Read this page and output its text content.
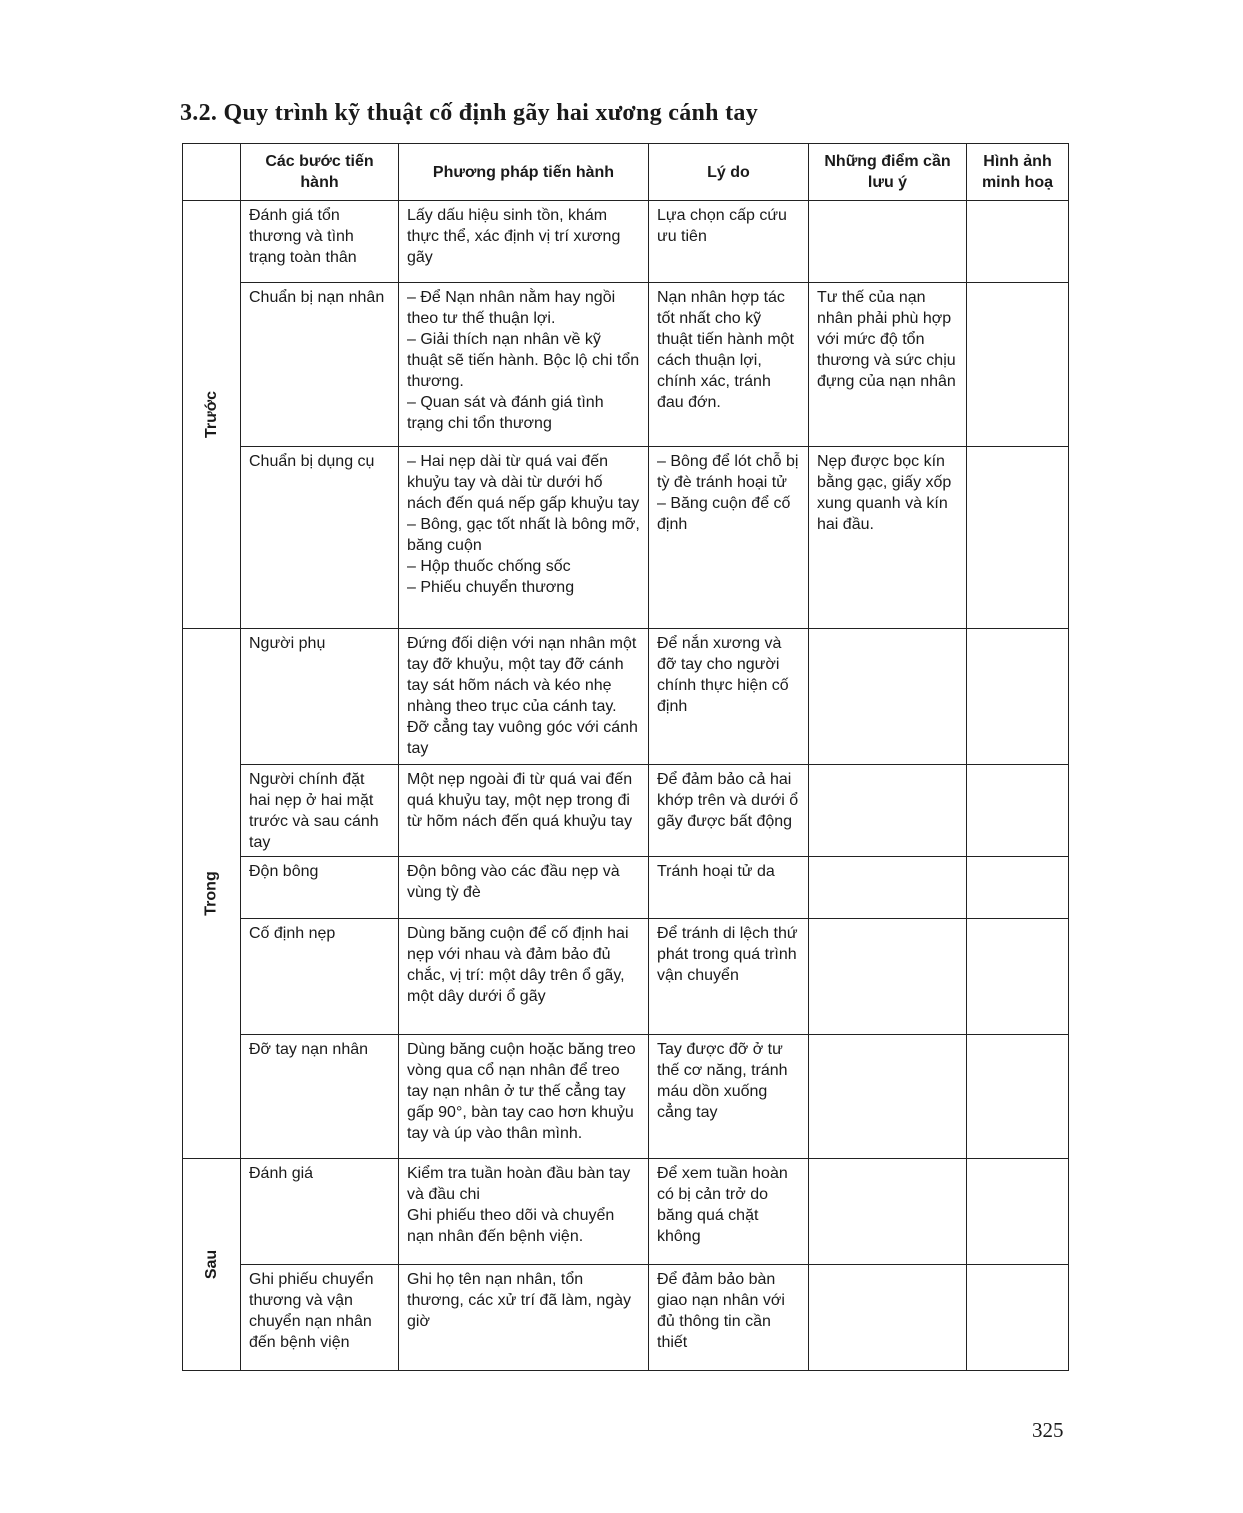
3.2. Quy trình kỹ thuật cố định gãy hai xương cánh tay
	Các bước tiến hành	Phương pháp tiến hành	Lý do	Những điểm cần lưu ý	Hình ảnh minh hoạ
Trước	Đánh giá tổn thương và tình trạng toàn thân	Lấy dấu hiệu sinh tồn, khám thực thể, xác định vị trí xương gãy	Lựa chọn cấp cứu ưu tiên		

	Chuẩn bị nạn nhân	– Để Nạn nhân nằm hay ngồi theo tư thế thuận lợi.
– Giải thích nạn nhân về kỹ thuật sẽ tiến hành. Bộc lộ chi tổn thương.
– Quan sát và đánh giá tình trạng chi tổn thương	Nạn nhân hợp tác tốt nhất cho kỹ thuật tiến hành một cách thuận lợi, chính xác, tránh đau đớn.	Tư thế của nạn nhân phải phù hợp với mức độ tổn thương và sức chịu đựng của nạn nhân	

	Chuẩn bị dụng cụ	– Hai nẹp dài từ quá vai đến khuỷu tay và dài từ dưới hố nách đến quá nếp gấp khuỷu tay
– Bông, gạc tốt nhất là bông mỡ, băng cuộn
– Hộp thuốc chống sốc
– Phiếu chuyển thương	– Bông để lót chỗ bị tỳ đè tránh hoại tử
– Băng cuộn để cố định	Nẹp được bọc kín bằng gạc, giấy xốp xung quanh và kín hai đầu.	

Trong	Người phụ	Đứng đối diện với nạn nhân một tay đỡ khuỷu, một tay đỡ cánh tay sát hõm nách và kéo nhẹ nhàng theo trục của cánh tay. Đỡ cẳng tay vuông góc với cánh tay	Để nắn xương và đỡ tay cho người chính thực hiện cố định		

	Người chính đặt hai nẹp ở hai mặt trước và sau cánh tay	Một nẹp ngoài đi từ quá vai đến quá khuỷu tay, một nẹp trong đi từ hõm nách đến quá khuỷu tay	Để đảm bảo cả hai khớp trên và dưới ổ gãy được bất động		

	Độn bông	Độn bông vào các đầu nẹp và vùng tỳ đè	Tránh hoại tử da		

	Cố định nẹp	Dùng băng cuộn để cố định hai nẹp với nhau và đảm bảo đủ chắc, vị trí: một dây trên ổ gãy, một dây dưới ổ gãy	Để tránh di lệch thứ phát trong quá trình vận chuyển		

	Đỡ tay nạn nhân	Dùng băng cuộn hoặc băng treo vòng qua cổ nạn nhân để treo tay nạn nhân ở tư thế cẳng tay gấp 90°, bàn tay cao hơn khuỷu tay và úp vào thân mình.	Tay được đỡ ở tư thế cơ năng, tránh máu dồn xuống cẳng tay		

Sau	Đánh giá	Kiểm tra tuần hoàn đầu bàn tay và đầu chi
Ghi phiếu theo dõi và chuyển nạn nhân đến bệnh viện.	Để xem tuần hoàn có bị cản trở do băng quá chặt không		

	Ghi phiếu chuyển thương và vận chuyển nạn nhân đến bệnh viện	Ghi họ tên nạn nhân, tổn thương, các xử trí đã làm, ngày giờ	Để đảm bảo bàn giao nạn nhân với đủ thông tin cần thiết		

325
